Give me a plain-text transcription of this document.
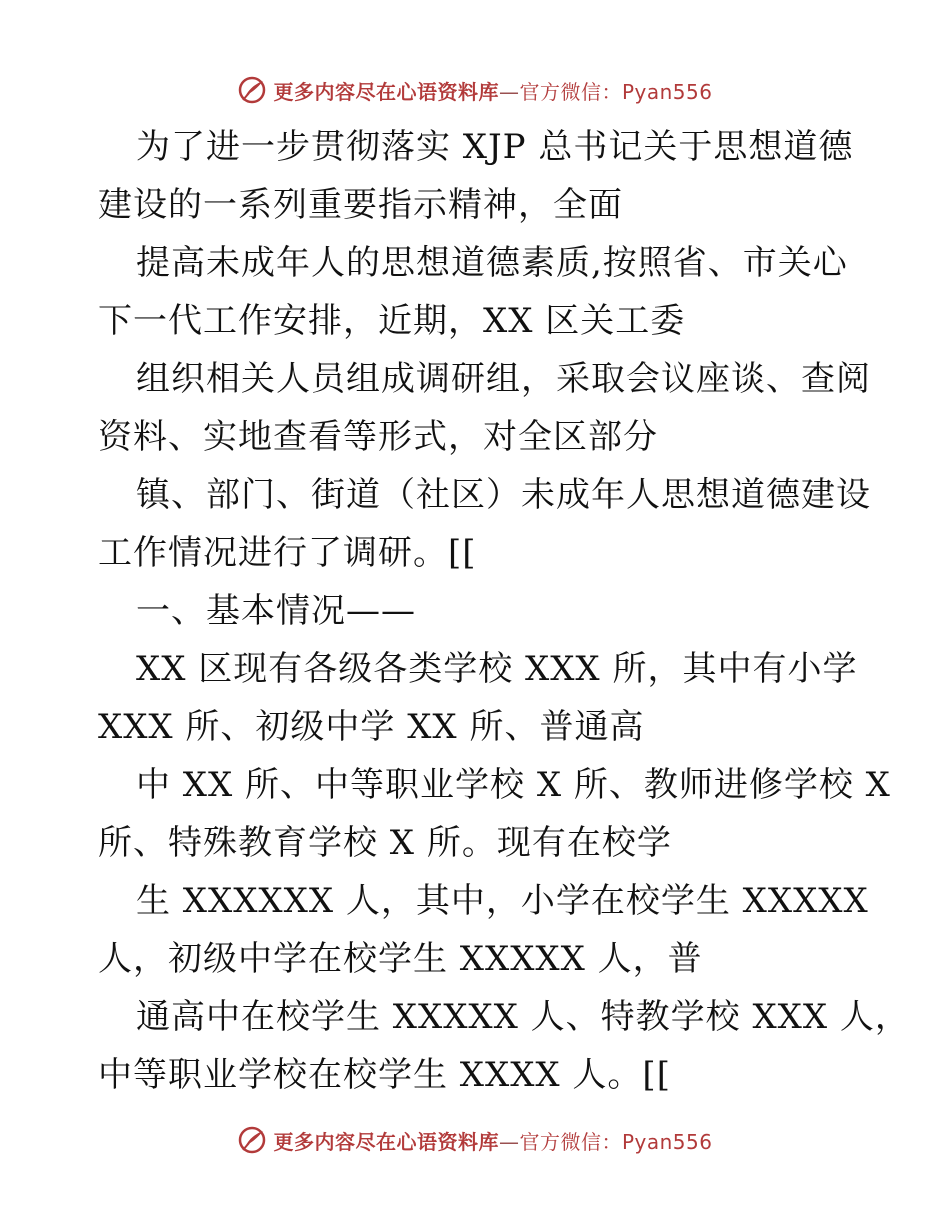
更多内容尽在心语资料库—官方微信：Pyan556
为了进一步贯彻落实 XJP 总书记关于思想道德
建设的一系列重要指示精神，全面
提高未成年人的思想道德素质,按照省、市关心
下一代工作安排，近期，XX 区关工委
组织相关人员组成调研组，采取会议座谈、查阅
资料、实地查看等形式，对全区部分
镇、部门、街道（社区）未成年人思想道德建设
工作情况进行了调研。[[
一、基本情况——
XX 区现有各级各类学校 XXX 所，其中有小学
XXX 所、初级中学 XX 所、普通高
中 XX 所、中等职业学校 X 所、教师进修学校 X
所、特殊教育学校 X 所。现有在校学
生 XXXXXX 人，其中，小学在校学生 XXXXX
人，初级中学在校学生 XXXXX 人，普
通高中在校学生 XXXXX 人、特教学校 XXX 人，
中等职业学校在校学生 XXXX 人。[[
更多内容尽在心语资料库—官方微信：Pyan556
